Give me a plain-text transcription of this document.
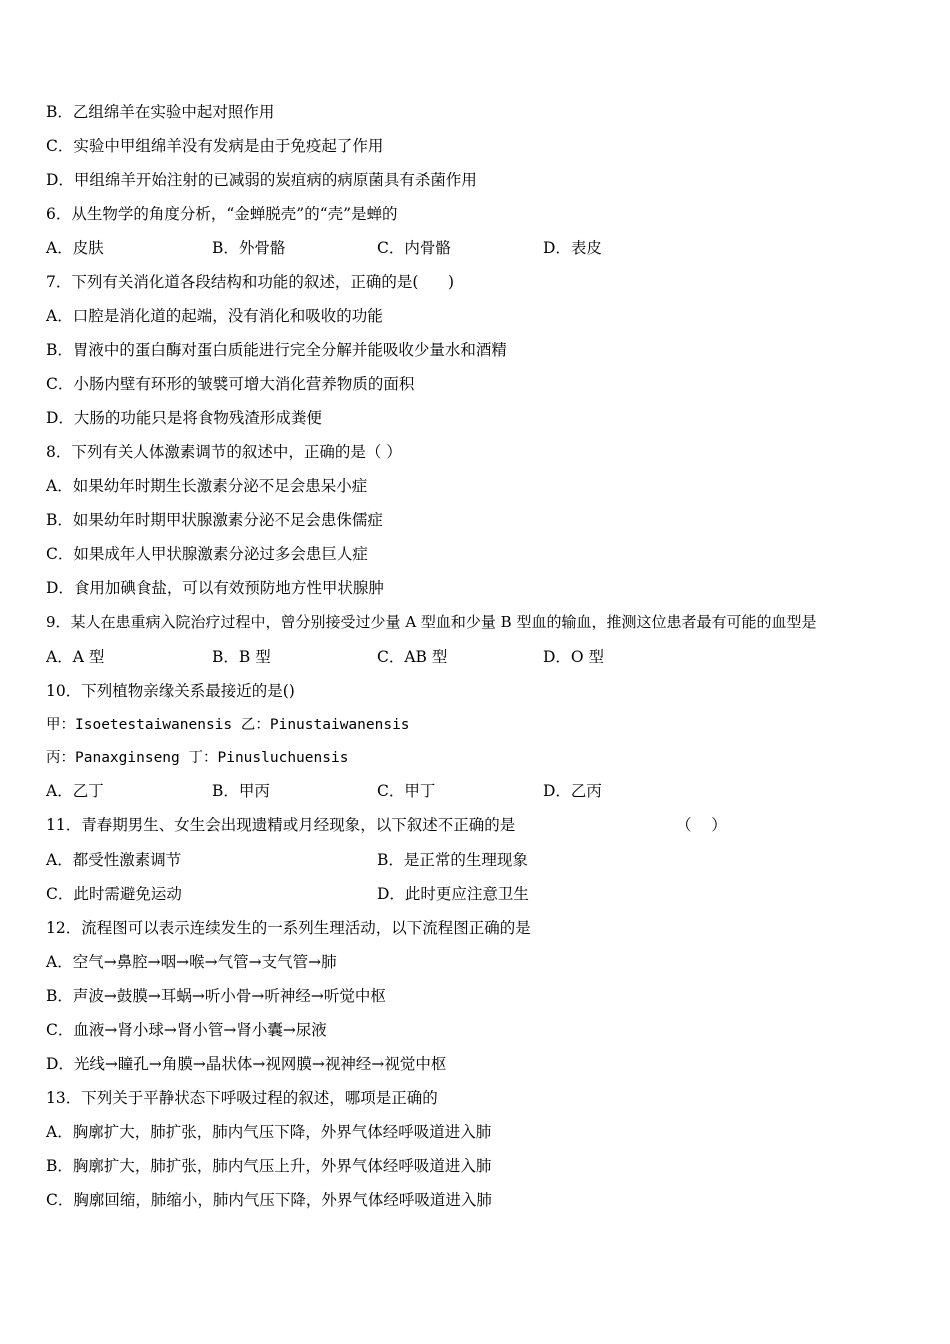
B．乙组绵羊在实验中起对照作用
C．实验中甲组绵羊没有发病是由于免疫起了作用
D．甲组绵羊开始注射的已减弱的炭疽病的病原菌具有杀菌作用
6．从生物学的角度分析，“金蝉脱壳”的“壳”是蝉的
A．皮肤	B．外骨骼	C．内骨骼	D．表皮
7．下列有关消化道各段结构和功能的叙述，正确的是(      )
A．口腔是消化道的起端，没有消化和吸收的功能
B．胃液中的蛋白酶对蛋白质能进行完全分解并能吸收少量水和酒精
C．小肠内壁有环形的皱襞可增大消化营养物质的面积
D．大肠的功能只是将食物残渣形成粪便
8．下列有关人体激素调节的叙述中，正确的是（ ）
A．如果幼年时期生长激素分泌不足会患呆小症
B．如果幼年时期甲状腺激素分泌不足会患侏儒症
C．如果成年人甲状腺激素分泌过多会患巨人症
D．食用加碘食盐，可以有效预防地方性甲状腺肿
9．某人在患重病入院治疗过程中，曾分别接受过少量 A 型血和少量 B 型血的输血，推测这位患者最有可能的血型是
A．A 型	B．B 型	C．AB 型	D．O 型
10．下列植物亲缘关系最接近的是()
甲：Isoetestaiwanensis 乙：Pinustaiwanensis
丙：Panaxginseng 丁：Pinusluchuensis
A．乙丁	B．甲丙	C．甲丁	D．乙丙
11．青春期男生、女生会出现遗精或月经现象，以下叙述不正确的是	（    ）
A．都受性激素调节	B．是正常的生理现象
C．此时需避免运动	D．此时更应注意卫生
12．流程图可以表示连续发生的一系列生理活动，以下流程图正确的是
A．空气→鼻腔→咽→喉→气管→支气管→肺
B．声波→鼓膜→耳蜗→听小骨→听神经→听觉中枢
C．血液→肾小球→肾小管→肾小囊→尿液
D．光线→瞳孔→角膜→晶状体→视网膜→视神经→视觉中枢
13．下列关于平静状态下呼吸过程的叙述，哪项是正确的
A．胸廓扩大，肺扩张，肺内气压下降，外界气体经呼吸道进入肺
B．胸廓扩大，肺扩张，肺内气压上升，外界气体经呼吸道进入肺
C．胸廓回缩，肺缩小，肺内气压下降，外界气体经呼吸道进入肺
